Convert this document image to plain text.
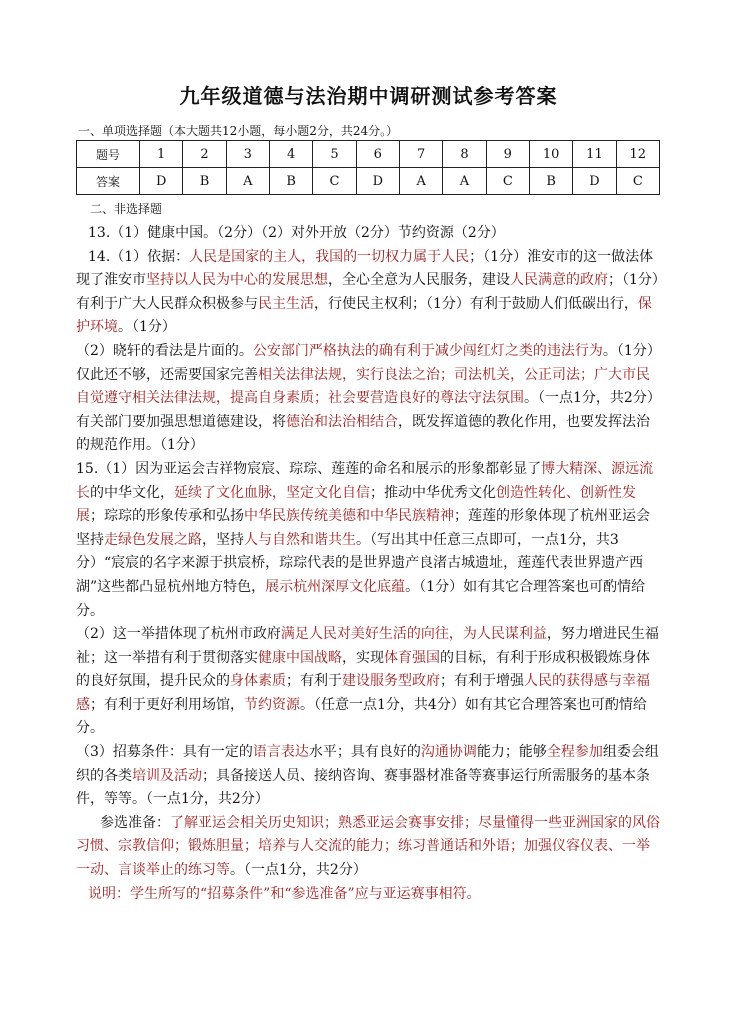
九年级道德与法治期中调研测试参考答案
一、单项选择题（本大题共12小题，每小题2分，共24分。）
题号	1	2	3	4	5	6	7	8	9	10	11	12
答案	D	B	A	B	C	D	A	A	C	B	D	C
二、非选择题

13.（1）健康中国。（2分）（2）对外开放（2分）节约资源（2分）

14.（1）依据：人民是国家的主人，我国的一切权力属于人民；（1分）淮安市的这一做法体现了淮安市坚持以人民为中心的发展思想，全心全意为人民服务，建设人民满意的政府；（1分）有利于广大人民群众积极参与民主生活，行使民主权利；（1分）有利于鼓励人们低碳出行，保护环境。（1分）

（2）晓轩的看法是片面的。公安部门严格执法的确有利于减少闯红灯之类的违法行为。（1分）仅此还不够，还需要国家完善相关法律法规，实行良法之治；司法机关，公正司法；广大市民自觉遵守相关法律法规，提高自身素质；社会要营造良好的尊法守法氛围。（一点1分，共2分）有关部门要加强思想道德建设，将德治和法治相结合，既发挥道德的教化作用，也要发挥法治的规范作用。（1分）

15.（1）因为亚运会吉祥物宸宸、琮琮、莲莲的命名和展示的形象都彰显了博大精深、源远流长的中华文化，延续了文化血脉，坚定文化自信；推动中华优秀文化创造性转化、创新性发展；琮琮的形象传承和弘扬中华民族传统美德和中华民族精神；莲莲的形象体现了杭州亚运会坚持走绿色发展之路，坚持人与自然和谐共生。（写出其中任意三点即可，一点1分，共3分）“宸宸的名字来源于拱宸桥，琮琮代表的是世界遗产良渚古城遗址，莲莲代表世界遗产西湖”这些都凸显杭州地方特色，展示杭州深厚文化底蕴。（1分）如有其它合理答案也可酌情给分。

（2）这一举措体现了杭州市政府满足人民对美好生活的向往，为人民谋利益，努力增进民生福祉；这一举措有利于贯彻落实健康中国战略，实现体育强国的目标，有利于形成积极锻炼身体的良好氛围，提升民众的身体素质；有利于建设服务型政府；有利于增强人民的获得感与幸福感；有利于更好利用场馆，节约资源。（任意一点1分，共4分）如有其它合理答案也可酌情给分。

（3）招募条件：具有一定的语言表达水平；具有良好的沟通协调能力；能够全程参加组委会组织的各类培训及活动；具备接送人员、接纳咨询、赛事器材准备等赛事运行所需服务的基本条件，等等。（一点1分，共2分）

参选准备：了解亚运会相关历史知识；熟悉亚运会赛事安排；尽量懂得一些亚洲国家的风俗习惯、宗教信仰；锻炼胆量；培养与人交流的能力；练习普通话和外语；加强仪容仪表、一举一动、言谈举止的练习等。（一点1分，共2分）

说明：学生所写的“招募条件”和“参选准备”应与亚运赛事相符。
